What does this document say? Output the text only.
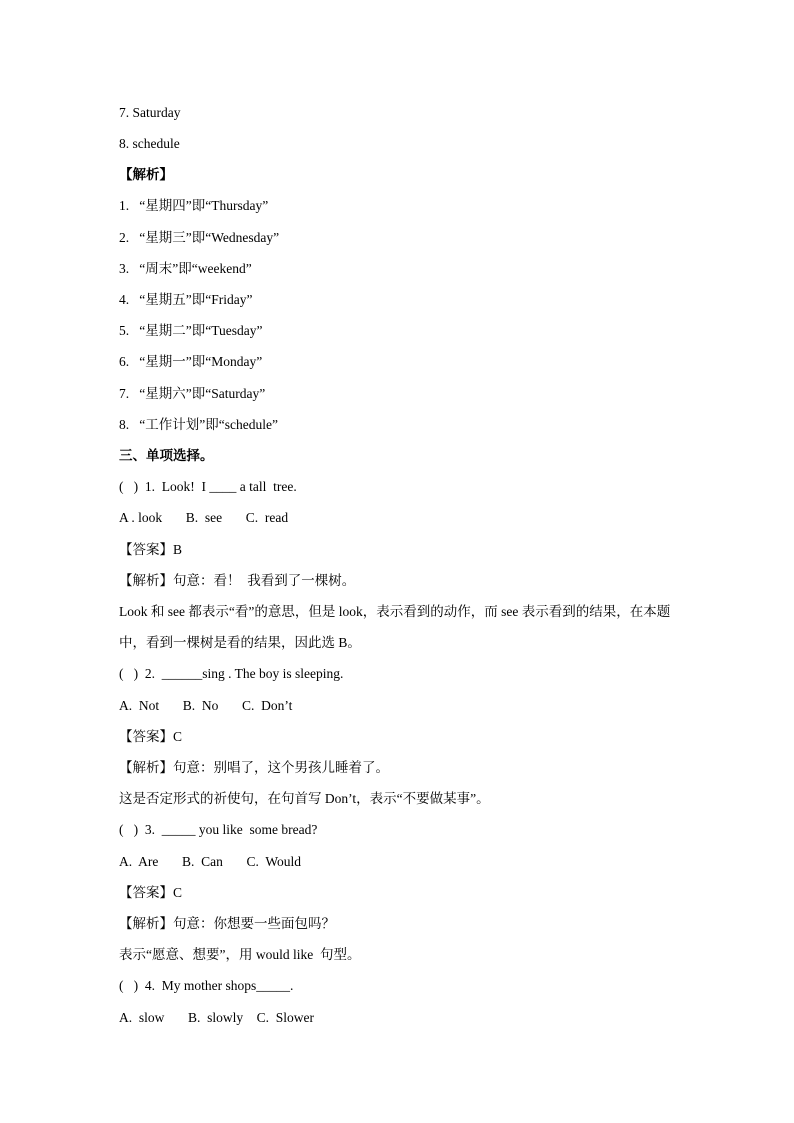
7. Saturday
8. schedule
【解析】
1.   “星期四”即“Thursday”
2.   “星期三”即“Wednesday”
3.   “周末”即“weekend”
4.   “星期五”即“Friday”
5.   “星期二”即“Tuesday”
6.   “星期一”即“Monday”
7.   “星期六”即“Saturday”
8.   “工作计划”即“schedule”
三、单项选择。
(   )  1.  Look!  I ____ a tall  tree.
A . look       B.  see       C.  read
【答案】B
【解析】句意：看！  我看到了一棵树。
Look 和 see 都表示“看”的意思，但是 look，表示看到的动作，而 see 表示看到的结果，在本题中，看到一棵树是看的结果，因此选 B。
(   )  2.  ______sing . The boy is sleeping.
A.  Not       B.  No       C.  Don’t
【答案】C
【解析】句意：别唱了，这个男孩儿睡着了。
这是否定形式的祈使句，在句首写 Don’t，表示“不要做某事”。
(   )  3.  _____ you like  some bread?
A.  Are       B.  Can       C.  Would
【答案】C
【解析】句意：你想要一些面包吗？
表示“愿意、想要”，用 would like  句型。
(   )  4.  My mother shops_____.
A.  slow       B.  slowly    C.  Slower
